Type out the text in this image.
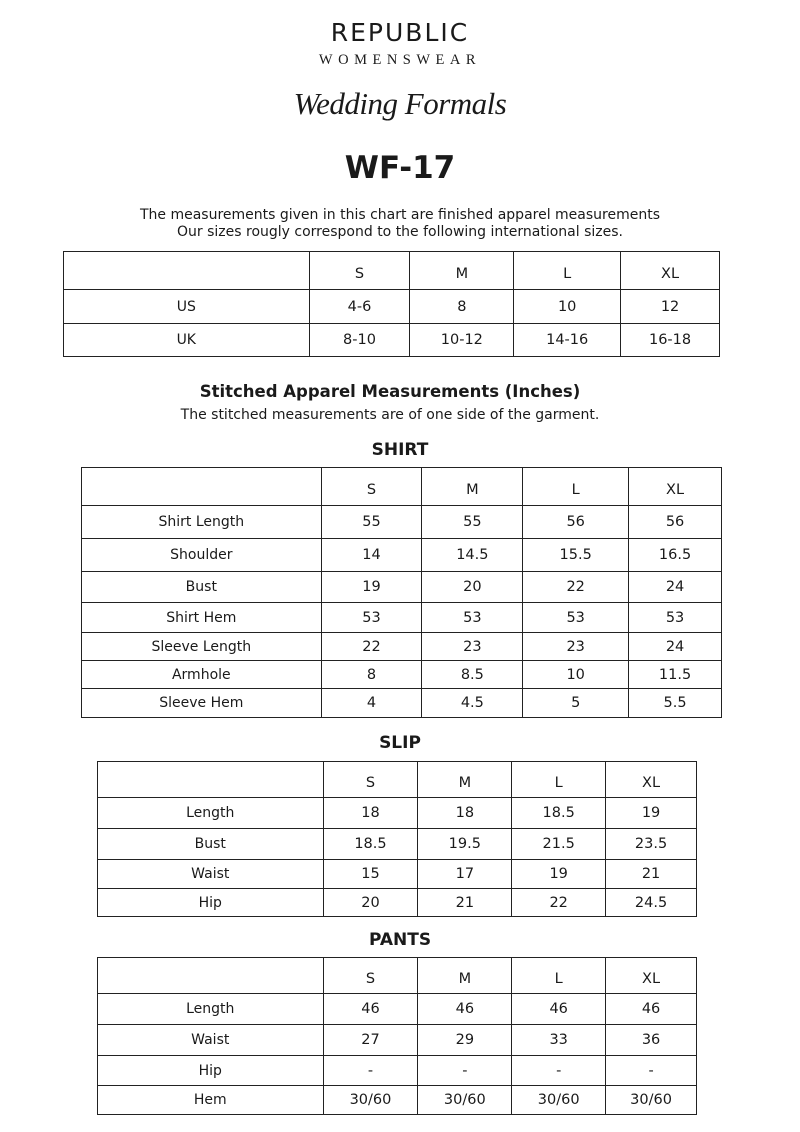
REPUBLIC
WOMENSWEAR
Wedding Formals
WF-17
The measurements given in this chart are finished apparel measurements
Our sizes rougly correspond to the following international sizes.
	S	M	L	XL
US	4-6	8	10	12
UK	8-10	10-12	14-16	16-18
Stitched Apparel Measurements (Inches)
The stitched measurements are of one side of the garment.
SHIRT
	S	M	L	XL
Shirt Length	55	55	56	56
Shoulder	14	14.5	15.5	16.5
Bust	19	20	22	24
Shirt Hem	53	53	53	53
Sleeve Length	22	23	23	24
Armhole	8	8.5	10	11.5
Sleeve Hem	4	4.5	5	5.5
SLIP
	S	M	L	XL
Length	18	18	18.5	19
Bust	18.5	19.5	21.5	23.5
Waist	15	17	19	21
Hip	20	21	22	24.5
PANTS
	S	M	L	XL
Length	46	46	46	46
Waist	27	29	33	36
Hip	-	-	-	-
Hem	30/60	30/60	30/60	30/60
